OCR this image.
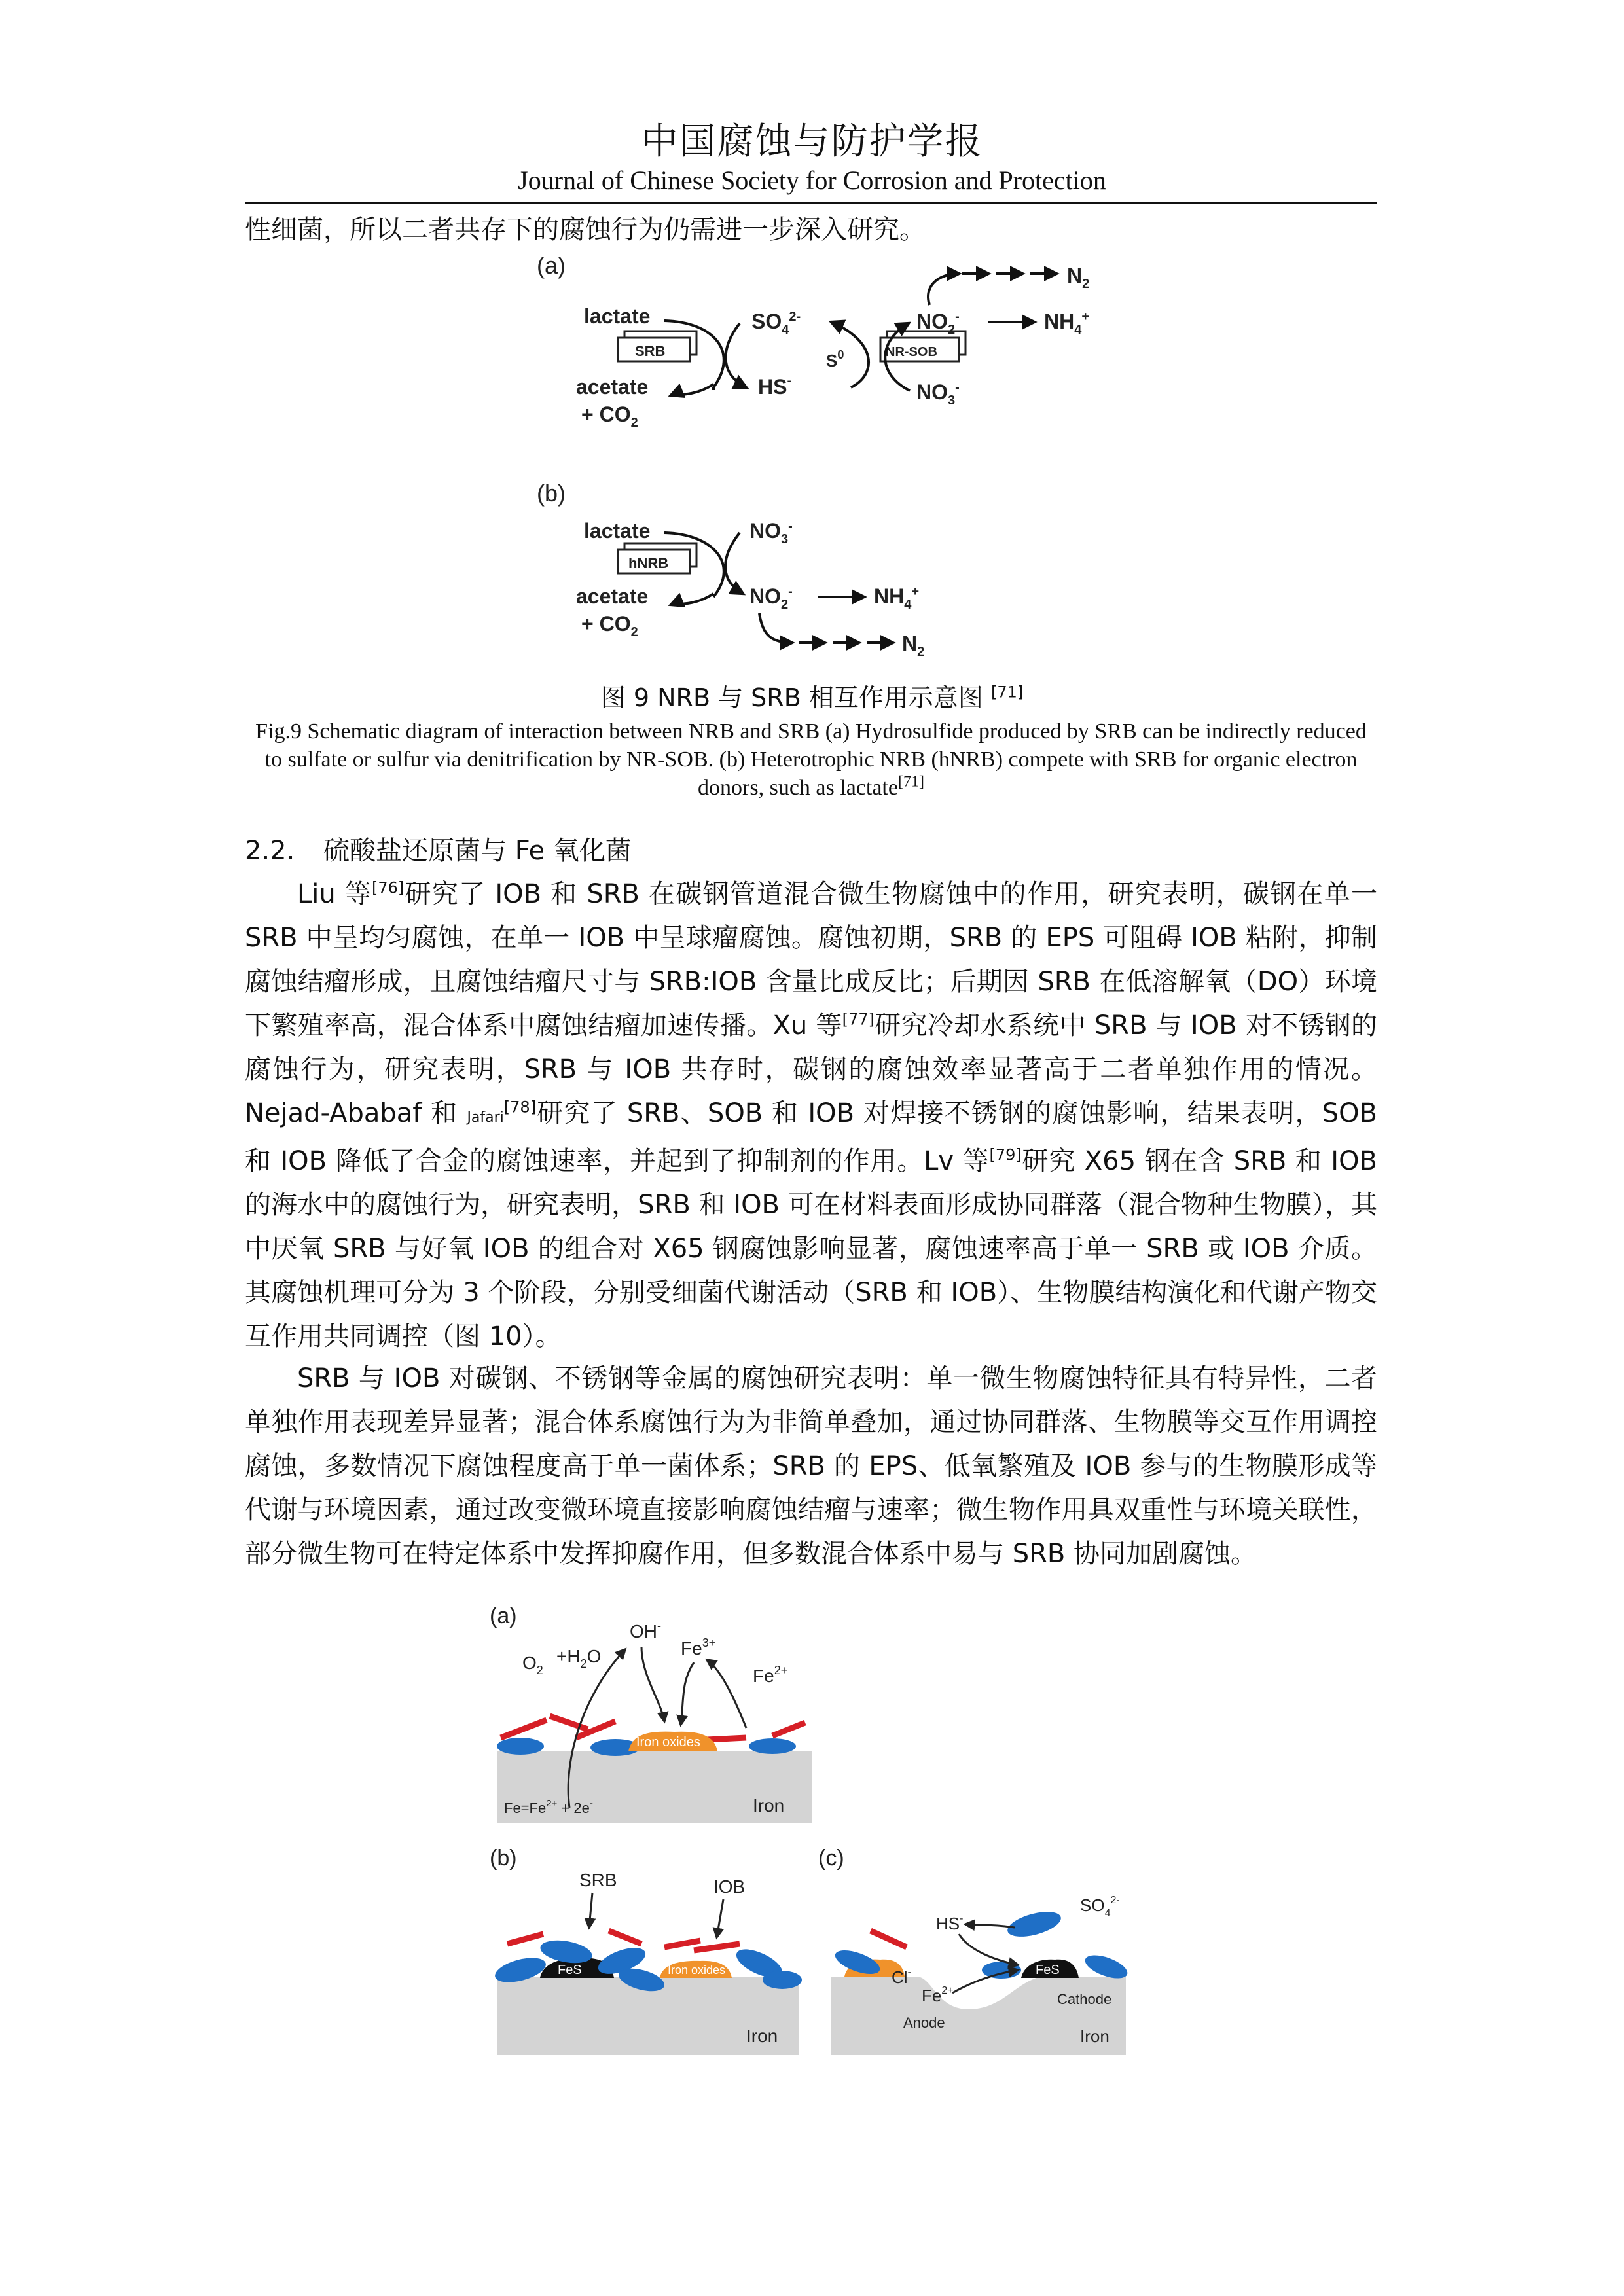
中国腐蚀与防护学报
Journal of Chinese Society for Corrosion and Protection
性细菌，所以二者共存下的腐蚀行为仍需进一步深入研究。
(a)
lactate
SRB
acetate
+ $CO_2$
$SO_4^{2-}$
HS-
$S^0$	NR-SOB
$NO_2^-$
$NO_3^-$
$NH_4^+$
$N_2$
(b)
lactate
hNRB
acetate
+ $CO_2$
$NO_3^-$
$NO_2^-$	$NH_4^+$
$N_2$
图 9 NRB 与 SRB 相互作用示意图 [71]
Fig.9 Schematic diagram of interaction between NRB and SRB (a) Hydrosulfide produced by SRB can be indirectly reduced to sulfate or sulfur via denitrification by NR-SOB. (b) Heterotrophic NRB (hNRB) compete with SRB for organic electron donors, such as lactate[71]
2.2. 硫酸盐还原菌与 Fe 氧化菌
Liu 等[76]研究了 IOB 和 SRB 在碳钢管道混合微生物腐蚀中的作用，研究表明，碳钢在单一 SRB 中呈均匀腐蚀，在单一 IOB 中呈球瘤腐蚀。腐蚀初期，SRB 的 EPS 可阻碍 IOB 粘附，抑制腐蚀结瘤形成，且腐蚀结瘤尺寸与 SRB:IOB 含量比成反比；后期因 SRB 在低溶解氧（DO）环境下繁殖率高，混合体系中腐蚀结瘤加速传播。Xu 等[77]研究冷却水系统中 SRB 与 IOB 对不锈钢的腐蚀行为，研究表明，SRB 与 IOB 共存时，碳钢的腐蚀效率显著高于二者单独作用的情况。Nejad-Ababaf 和 Jafari[78]研究了 SRB、SOB 和 IOB 对焊接不锈钢的腐蚀影响，结果表明，SOB 和 IOB 降低了合金的腐蚀速率，并起到了抑制剂的作用。Lv 等[79]研究 X65 钢在含 SRB 和 IOB 的海水中的腐蚀行为，研究表明，SRB 和 IOB 可在材料表面形成协同群落（混合物种生物膜），其中厌氧 SRB 与好氧 IOB 的组合对 X65 钢腐蚀影响显著，腐蚀速率高于单一 SRB 或 IOB 介质。其腐蚀机理可分为 3 个阶段，分别受细菌代谢活动（SRB 和 IOB）、生物膜结构演化和代谢产物交互作用共同调控（图 10）。
SRB 与 IOB 对碳钢、不锈钢等金属的腐蚀研究表明：单一微生物腐蚀特征具有特异性，二者单独作用表现差异显著；混合体系腐蚀行为为非简单叠加，通过协同群落、生物膜等交互作用调控腐蚀，多数情况下腐蚀程度高于单一菌体系；SRB 的 EPS、低氧繁殖及 IOB 参与的生物膜形成等代谢与环境因素，通过改变微环境直接影响腐蚀结瘤与速率；微生物作用具双重性与环境关联性，部分微生物可在特定体系中发挥抑腐作用，但多数混合体系中易与 SRB 协同加剧腐蚀。
(a)
Iron
$Fe=Fe^{2+} + 2e^-$
Iron oxides
$O_2$
$+H_2O$
OH-
$Fe^{3+}$
$Fe^{2+}$
(b)
Iron
SRB	IOB
FeS	Iron oxides
(c)
Iron
FeS
HS-
$SO_4^{2-}$
Cl-
$Fe^{2+}$
Anode
Cathode
